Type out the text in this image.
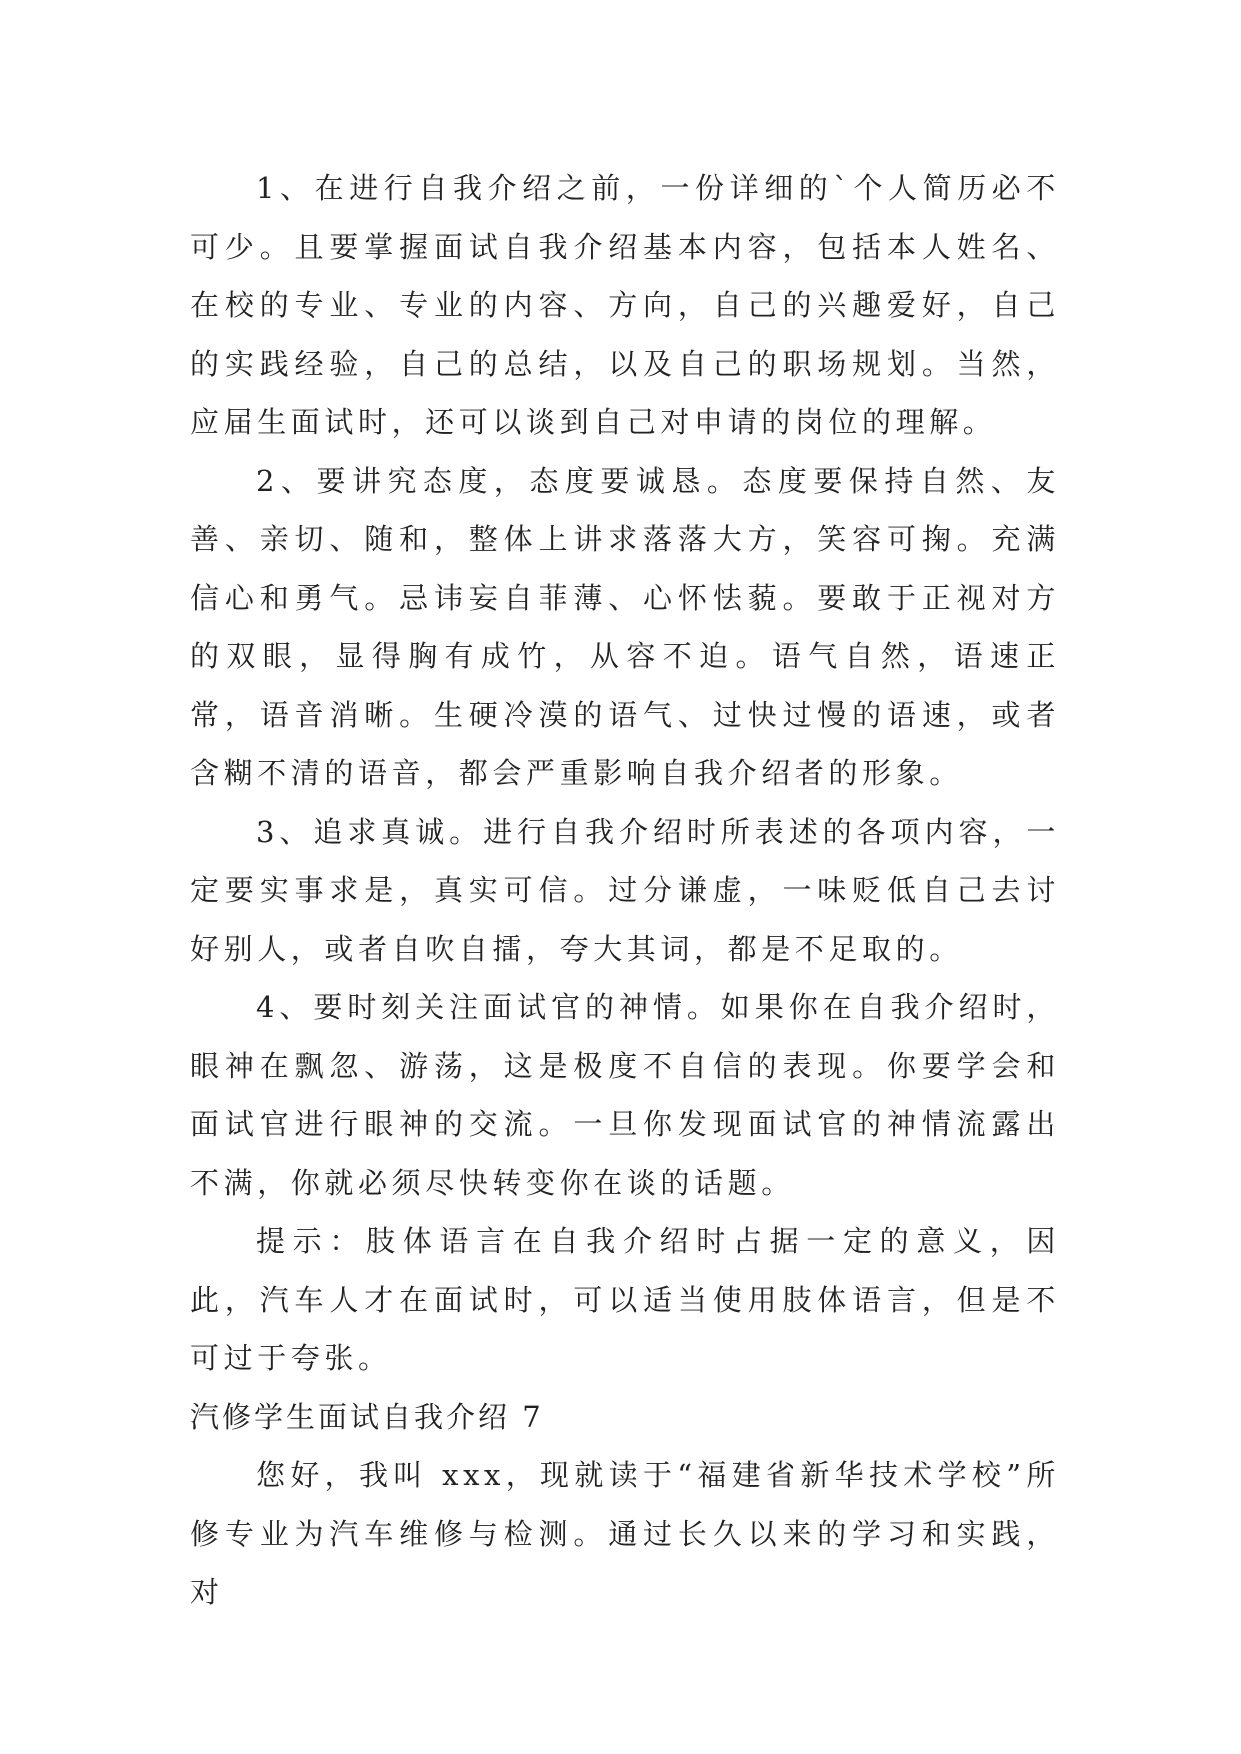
1、在进行自我介绍之前，一份详细的`个人简历必不可少。且要掌握面试自我介绍基本内容，包括本人姓名、在校的专业、专业的内容、方向，自己的兴趣爱好，自己的实践经验，自己的总结，以及自己的职场规划。当然，应届生面试时，还可以谈到自己对申请的岗位的理解。

2、要讲究态度，态度要诚恳。态度要保持自然、友善、亲切、随和，整体上讲求落落大方，笑容可掬。充满信心和勇气。忌讳妄自菲薄、心怀怯藐。要敢于正视对方的双眼，显得胸有成竹，从容不迫。语气自然，语速正常，语音消晰。生硬冷漠的语气、过快过慢的语速，或者含糊不清的语音，都会严重影响自我介绍者的形象。

3、追求真诚。进行自我介绍时所表述的各项内容，一定要实事求是，真实可信。过分谦虚，一味贬低自己去讨好别人，或者自吹自擂，夸大其词，都是不足取的。

4、要时刻关注面试官的神情。如果你在自我介绍时，眼神在飘忽、游荡，这是极度不自信的表现。你要学会和面试官进行眼神的交流。一旦你发现面试官的神情流露出不满，你就必须尽快转变你在谈的话题。

提示：肢体语言在自我介绍时占据一定的意义，因此，汽车人才在面试时，可以适当使用肢体语言，但是不可过于夸张。

汽修学生面试自我介绍 7

您好，我叫 xxx，现就读于“福建省新华技术学校”所修专业为汽车维修与检测。通过长久以来的学习和实践，对
